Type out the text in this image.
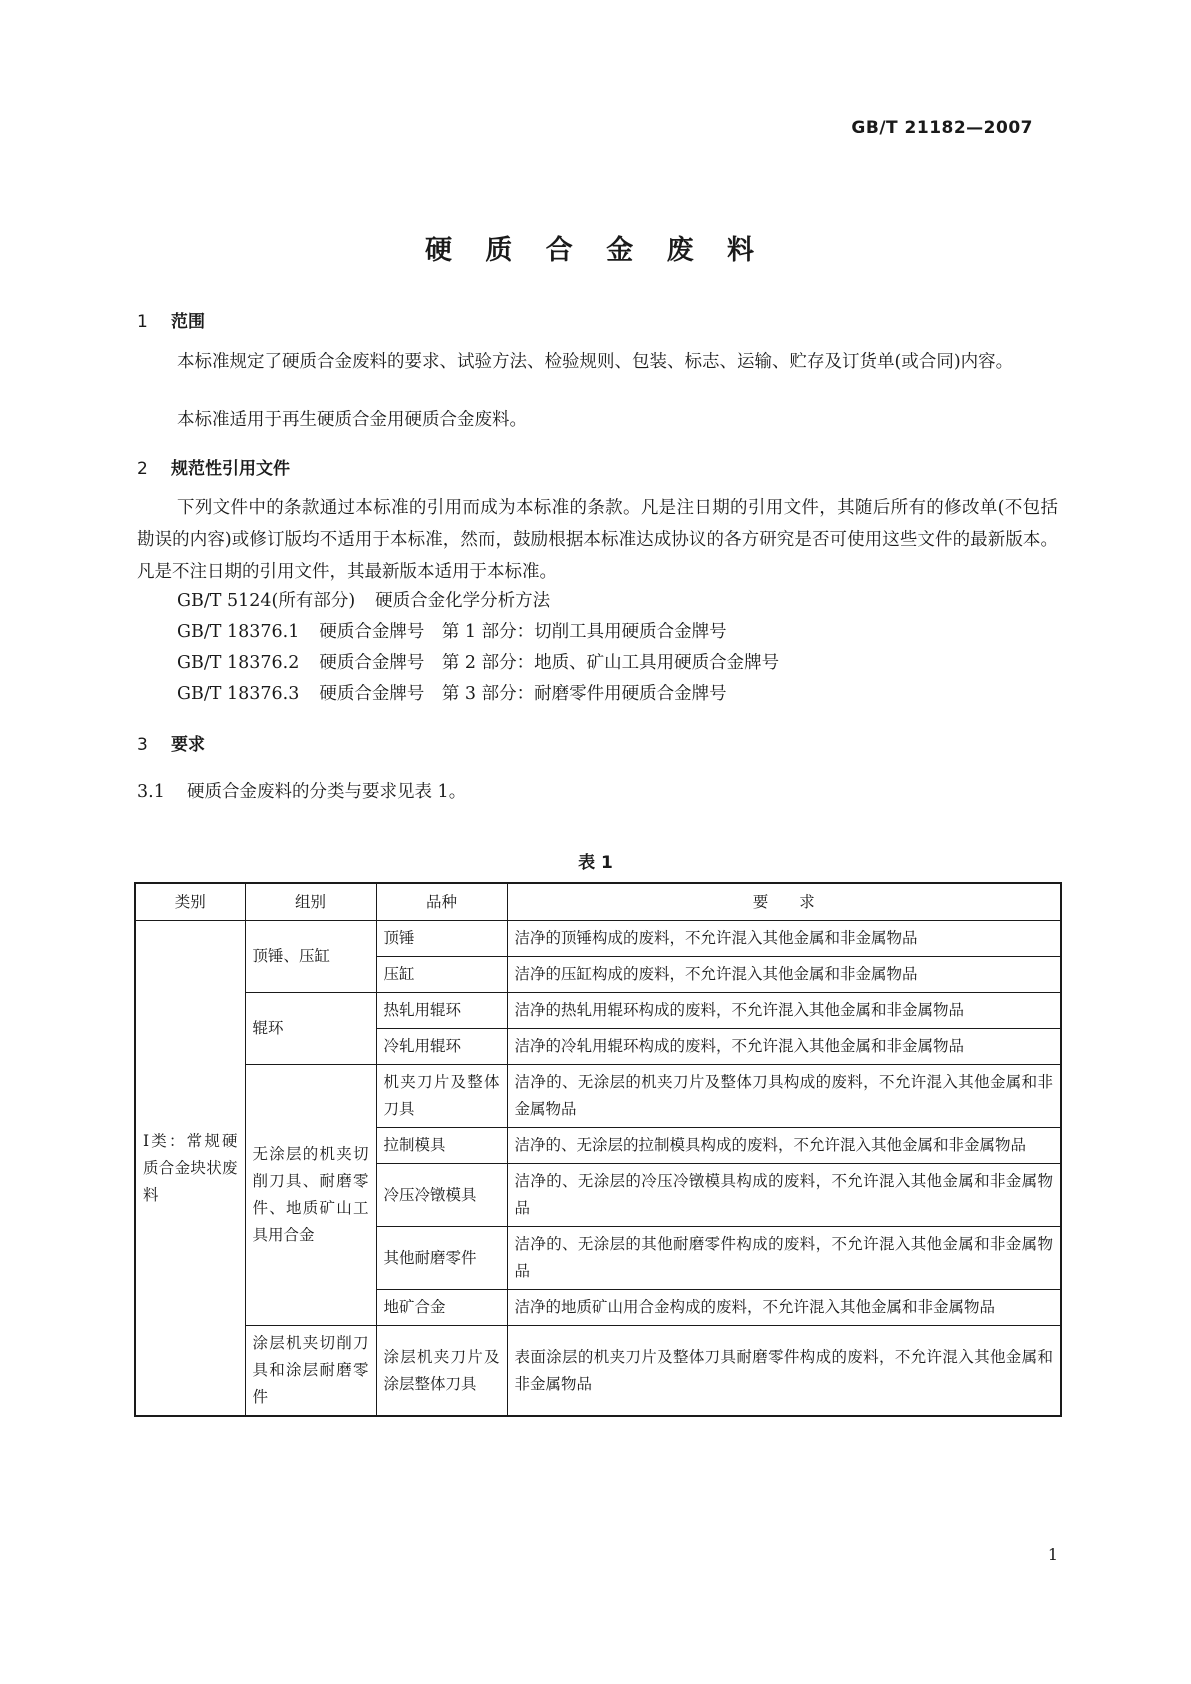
GB/T 21182—2007
硬 质 合 金 废 料
1 范围
本标准规定了硬质合金废料的要求、试验方法、检验规则、包装、标志、运输、贮存及订货单(或合同)内容。
本标准适用于再生硬质合金用硬质合金废料。
2 规范性引用文件
下列文件中的条款通过本标准的引用而成为本标准的条款。凡是注日期的引用文件，其随后所有的修改单(不包括勘误的内容)或修订版均不适用于本标准，然而，鼓励根据本标准达成协议的各方研究是否可使用这些文件的最新版本。凡是不注日期的引用文件，其最新版本适用于本标准。
GB/T 5124(所有部分) 硬质合金化学分析方法
GB/T 18376.1 硬质合金牌号　第 1 部分：切削工具用硬质合金牌号
GB/T 18376.2 硬质合金牌号　第 2 部分：地质、矿山工具用硬质合金牌号
GB/T 18376.3 硬质合金牌号　第 3 部分：耐磨零件用硬质合金牌号
3 要求
3.1 硬质合金废料的分类与要求见表 1。
表 1
类别	组别	品种	要　　求
Ⅰ类：常规硬质合金块状废料	顶锤、压缸	顶锤	洁净的顶锤构成的废料，不允许混入其他金属和非金属物品
		压缸	洁净的压缸构成的废料，不允许混入其他金属和非金属物品
	辊环	热轧用辊环	洁净的热轧用辊环构成的废料，不允许混入其他金属和非金属物品
		冷轧用辊环	洁净的冷轧用辊环构成的废料，不允许混入其他金属和非金属物品
	无涂层的机夹切削刀具、耐磨零件、地质矿山工具用合金	机夹刀片及整体刀具	洁净的、无涂层的机夹刀片及整体刀具构成的废料，不允许混入其他金属和非金属物品
		拉制模具	洁净的、无涂层的拉制模具构成的废料，不允许混入其他金属和非金属物品
		冷压冷镦模具	洁净的、无涂层的冷压冷镦模具构成的废料，不允许混入其他金属和非金属物品
		其他耐磨零件	洁净的、无涂层的其他耐磨零件构成的废料，不允许混入其他金属和非金属物品
		地矿合金	洁净的地质矿山用合金构成的废料，不允许混入其他金属和非金属物品
	涂层机夹切削刀具和涂层耐磨零件	涂层机夹刀片及涂层整体刀具	表面涂层的机夹刀片及整体刀具耐磨零件构成的废料，不允许混入其他金属和非金属物品
1
